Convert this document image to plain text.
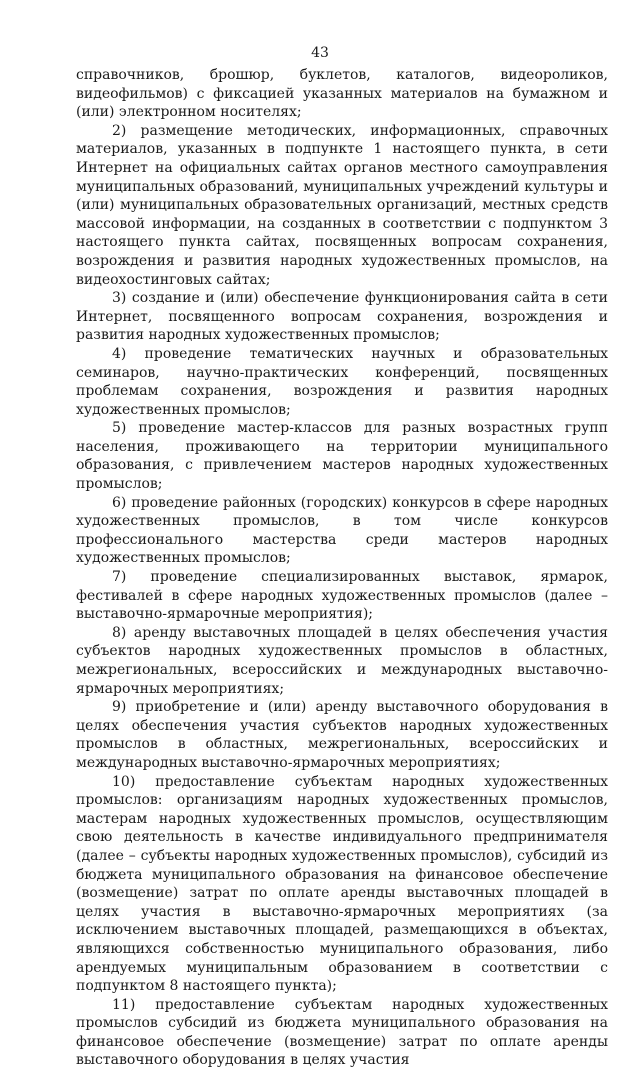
43

справочников, брошюр, буклетов, каталогов, видеороликов, видеофильмов) с фиксацией указанных материалов на бумажном и (или) электронном носителях;

2) размещение методических, информационных, справочных материалов, указанных в подпункте 1 настоящего пункта, в сети Интернет на официальных сайтах органов местного самоуправления муниципальных образований, муниципальных учреждений культуры и (или) муниципальных образовательных организаций, местных средств массовой информации, на созданных в соответствии с подпунктом 3 настоящего пункта сайтах, посвященных вопросам сохранения, возрождения и развития народных художественных промыслов, на видеохостинговых сайтах;

3) создание и (или) обеспечение функционирования сайта в сети Интернет, посвященного вопросам сохранения, возрождения и развития народных художественных промыслов;

4) проведение тематических научных и образовательных семинаров, научно-практических конференций, посвященных проблемам сохранения, возрождения и развития народных художественных промыслов;

5) проведение мастер-классов для разных возрастных групп населения, проживающего на территории муниципального образования, с привлечением мастеров народных художественных промыслов;

6) проведение районных (городских) конкурсов в сфере народных художественных промыслов, в том числе конкурсов профессионального мастерства среди мастеров народных художественных промыслов;

7) проведение специализированных выставок, ярмарок, фестивалей в сфере народных художественных промыслов (далее – выставочно-ярмарочные мероприятия);

8) аренду выставочных площадей в целях обеспечения участия субъектов народных художественных промыслов в областных, межрегиональных, всероссийских и международных выставочно-ярмарочных мероприятиях;

9) приобретение и (или) аренду выставочного оборудования в целях обеспечения участия субъектов народных художественных промыслов в областных, межрегиональных, всероссийских и международных выставочно-ярмарочных мероприятиях;

10) предоставление субъектам народных художественных промыслов: организациям народных художественных промыслов, мастерам народных художественных промыслов, осуществляющим свою деятельность в качестве индивидуального предпринимателя (далее – субъекты народных художественных промыслов), субсидий из бюджета муниципального образования на финансовое обеспечение (возмещение) затрат по оплате аренды выставочных площадей в целях участия в выставочно-ярмарочных мероприятиях (за исключением выставочных площадей, размещающихся в объектах, являющихся собственностью муниципального образования, либо арендуемых муниципальным образованием в соответствии с подпунктом 8 настоящего пункта);

11) предоставление субъектам народных художественных промыслов субсидий из бюджета муниципального образования на финансовое обеспечение (возмещение) затрат по оплате аренды выставочного оборудования в целях участия
